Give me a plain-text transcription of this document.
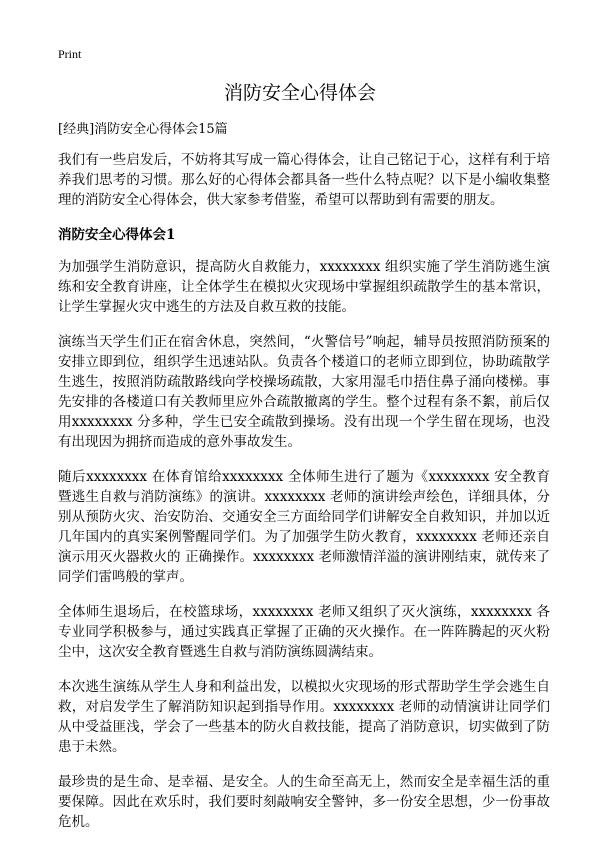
Print
消防安全心得体会

[经典]消防安全心得体会15篇

我们有一些启发后，不妨将其写成一篇心得体会，让自己铭记于心，这样有利于培养我们思考的习惯。那么好的心得体会都具备一些什么特点呢？以下是小编收集整理的消防安全心得体会，供大家参考借鉴，希望可以帮助到有需要的朋友。

消防安全心得体会1

为加强学生消防意识，提高防火自救能力，xxxxxxxx 组织实施了学生消防逃生演练和安全教育讲座，让全体学生在模拟火灾现场中掌握组织疏散学生的基本常识，让学生掌握火灾中逃生的方法及自救互救的技能。

演练当天学生们正在宿舍休息，突然间，“火警信号”响起，辅导员按照消防预案的安排立即到位，组织学生迅速站队。负责各个楼道口的老师立即到位，协助疏散学生逃生，按照消防疏散路线向学校操场疏散，大家用湿毛巾捂住鼻子涌向楼梯。事先安排的各楼道口有关教师里应外合疏散撤离的学生。整个过程有条不絮，前后仅用xxxxxxxx 分多种，学生已安全疏散到操场。没有出现一个学生留在现场，也没有出现因为拥挤而造成的意外事故发生。

随后xxxxxxxx 在体育馆给xxxxxxxx 全体师生进行了题为《xxxxxxxx 安全教育暨逃生自救与消防演练》的演讲。xxxxxxxx 老师的演讲绘声绘色，详细具体，分别从预防火灾、治安防治、交通安全三方面给同学们讲解安全自救知识，并加以近几年国内的真实案例警醒同学们。为了加强学生防火教育，xxxxxxxx 老师还亲自演示用灭火器救火的 正确操作。xxxxxxxx 老师激情洋溢的演讲刚结束，就传来了同学们雷鸣般的掌声。

全体师生退场后，在校篮球场，xxxxxxxx 老师又组织了灭火演练，xxxxxxxx 各专业同学积极参与，通过实践真正掌握了正确的灭火操作。在一阵阵腾起的灭火粉尘中，这次安全教育暨逃生自救与消防演练圆满结束。

本次逃生演练从学生人身和利益出发，以模拟火灾现场的形式帮助学生学会逃生自救，对启发学生了解消防知识起到指导作用。xxxxxxxx 老师的动情演讲让同学们从中受益匪浅，学会了一些基本的防火自救技能，提高了消防意识，切实做到了防患于未然。

最珍贵的是生命、是幸福、是安全。人的生命至高无上，然而安全是幸福生活的重要保障。因此在欢乐时，我们要时刻敲响安全警钟，多一份安全思想，少一份事故危机。
